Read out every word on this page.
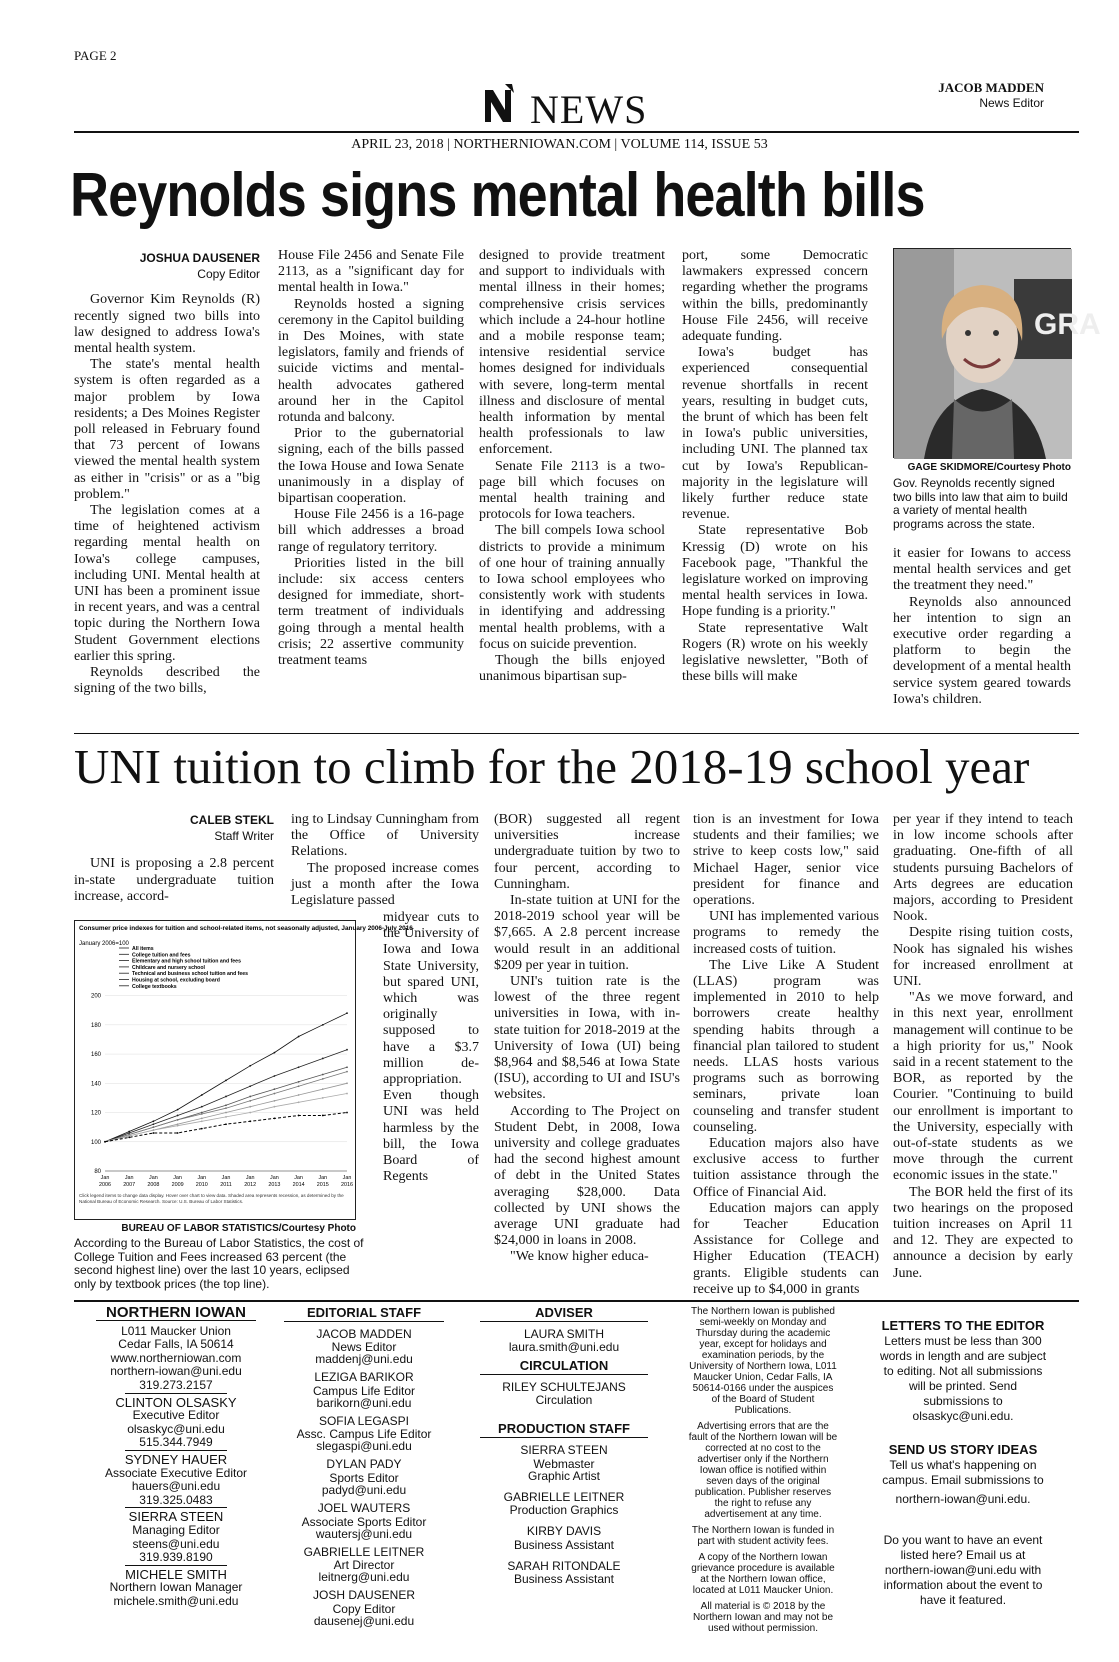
PAGE 2
NEWS	JACOB MADDEN
News Editor
APRIL 23, 2018 | NORTHERNIOWAN.COM | VOLUME 114, ISSUE 53
Reynolds signs mental health bills
JOSHUA DAUSENER
Copy Editor

Governor Kim Reynolds (R) recently signed two bills into law designed to address Iowa's mental health system.

The state's mental health system is often regarded as a major problem by Iowa residents; a Des Moines Register poll released in February found that 73 percent of Iowans viewed the mental health system as either in "crisis" or as a "big problem."

The legislation comes at a time of heightened activism regarding mental health on Iowa's college campuses, including UNI. Mental health at UNI has been a prominent issue in recent years, and was a central topic during the Northern Iowa Student Government elections earlier this spring.

Reynolds described the signing of the two bills,

House File 2456 and Senate File 2113, as a "significant day for mental health in Iowa."

Reynolds hosted a signing ceremony in the Capitol building in Des Moines, with state legislators, family and friends of suicide victims and mental-health advocates gathered around her in the Capitol rotunda and balcony.

Prior to the gubernatorial signing, each of the bills passed the Iowa House and Iowa Senate unanimously in a display of bipartisan cooperation.

House File 2456 is a 16-page bill which addresses a broad range of regulatory territory.

Priorities listed in the bill include: six access centers designed for immediate, short-term treatment of individuals going through a mental health crisis; 22 assertive community treatment teams

designed to provide treatment and support to individuals with mental illness in their homes; comprehensive crisis services which include a 24-hour hotline and a mobile response team; intensive residential service homes designed for individuals with severe, long-term mental illness and disclosure of mental health information by mental health professionals to law enforcement.

Senate File 2113 is a two-page bill which focuses on mental health training and protocols for Iowa teachers.

The bill compels Iowa school districts to provide a minimum of one hour of training annually to Iowa school employees who consistently work with students in identifying and addressing mental health problems, with a focus on suicide prevention.

Though the bills enjoyed unanimous bipartisan sup-

port, some Democratic lawmakers expressed concern regarding whether the programs within the bills, predominantly House File 2456, will receive adequate funding.

Iowa's budget has experienced consequential revenue shortfalls in recent years, resulting in budget cuts, the brunt of which has been felt in Iowa's public universities, including UNI. The planned tax cut by Iowa's Republican-majority in the legislature will likely further reduce state revenue.

State representative Bob Kressig (D) wrote on his Facebook page, "Thankful the legislature worked on improving mental health services in Iowa. Hope funding is a priority."

State representative Walt Rogers (R) wrote on his weekly legislative newsletter, "Both of these bills will make

GRA
GAGE SKIDMORE/Courtesy Photo
Gov. Reynolds recently signed two bills into law that aim to build a variety of mental health programs across the state.

it easier for Iowans to access mental health services and get the treatment they need."

Reynolds also announced her intention to sign an executive order regarding a platform to begin the development of a mental health service system geared towards Iowa's children.

UNI tuition to climb for the 2018-19 school year
CALEB STEKL
Staff Writer

UNI is proposing a 2.8 percent in-state undergraduate tuition increase, accord-

ing to Lindsay Cunningham from the Office of University Relations.

The proposed increase comes just a month after the Iowa Legislature passed

Consumer price indexes for tuition and school-related items, not seasonally adjusted, January 2006-July 2016
January 2006=100
All items
College tuition and fees
Elementary and high school tuition and fees
Childcare and nursery school
Technical and business school tuition and fees
Housing at school, excluding board
College textbooks
80
100
120
140
160
180
200
Jan
2006
Jan
2007
Jan
2008
Jan
2009
Jan
2010
Jan
2011
Jan
2012
Jan
2013
Jan
2014
Jan
2015
Jan
2016
Click legend items to change data display. Hover over chart to view data. Shaded area represents recession, as determined by the National Bureau of Economic Research. Source: U.S. Bureau of Labor Statistics.
BUREAU OF LABOR STATISTICS/Courtesy Photo
According to the Bureau of Labor Statistics, the cost of College Tuition and Fees increased 63 percent (the second highest line) over the last 10 years, eclipsed only by textbook prices (the top line).

midyear cuts to the University of Iowa and Iowa State University, but spared UNI, which was originally supposed to have a $3.7 million de-appropriation. Even though UNI was held harmless by the bill, the Iowa Board of Regents

(BOR) suggested all regent universities increase undergraduate tuition by two to four percent, according to Cunningham.

In-state tuition at UNI for the 2018-2019 school year will be $7,665. A 2.8 percent increase would result in an additional $209 per year in tuition.

UNI's tuition rate is the lowest of the three regent universities in Iowa, with in-state tuition for 2018-2019 at the University of Iowa (UI) being $8,964 and $8,546 at Iowa State (ISU), according to UI and ISU's websites.

According to The Project on Student Debt, in 2008, Iowa university and college graduates had the second highest amount of debt in the United States averaging $28,000. Data collected by UNI shows the average UNI graduate had $24,000 in loans in 2008.

"We know higher educa-

tion is an investment for Iowa students and their families; we strive to keep costs low," said Michael Hager, senior vice president for finance and operations.

UNI has implemented various programs to remedy the increased costs of tuition.

The Live Like A Student (LLAS) program was implemented in 2010 to help borrowers create healthy spending habits through a financial plan tailored to student needs. LLAS hosts various programs such as borrowing seminars, private loan counseling and transfer student counseling.

Education majors also have exclusive access to further tuition assistance through the Office of Financial Aid.

Education majors can apply for Teacher Education Assistance for College and Higher Education (TEACH) grants. Eligible students can receive up to $4,000 in grants

per year if they intend to teach in low income schools after graduating. One-fifth of all students pursuing Bachelors of Arts degrees are education majors, according to President Nook.

Despite rising tuition costs, Nook has signaled his wishes for increased enrollment at UNI.

"As we move forward, and in this next year, enrollment management will continue to be a high priority for us," Nook said in a recent statement to the BOR, as reported by the Courier. "Continuing to build our enrollment is important to the University, especially with out-of-state students as we move through the current economic issues in the state."

The BOR held the first of its two hearings on the proposed tuition increases on April 11 and 12. They are expected to announce a decision by early June.

NORTHERN IOWAN
L011 Maucker Union
Cedar Falls, IA 50614
www.northerniowan.com
northern-iowan@uni.edu
319.273.2157
CLINTON OLSASKY
Executive Editor
olsaskyc@uni.edu
515.344.7949
SYDNEY HAUER
Associate Executive Editor
hauers@uni.edu
319.325.0483
SIERRA STEEN
Managing Editor
steens@uni.edu
319.939.8190
MICHELE SMITH
Northern Iowan Manager
michele.smith@uni.edu
EDITORIAL STAFF
JACOB MADDEN
News Editor
maddenj@uni.edu
LEZIGA BARIKOR
Campus Life Editor
barikorn@uni.edu
SOFIA LEGASPI
Assc. Campus Life Editor
slegaspi@uni.edu
DYLAN PADY
Sports Editor
padyd@uni.edu
JOEL WAUTERS
Associate Sports Editor
wautersj@uni.edu
GABRIELLE LEITNER
Art Director
leitnerg@uni.edu
JOSH DAUSENER
Copy Editor
dausenej@uni.edu
ADVISER
LAURA SMITH
laura.smith@uni.edu
CIRCULATION
RILEY SCHULTEJANS
Circulation
PRODUCTION STAFF
SIERRA STEEN
Webmaster
Graphic Artist
GABRIELLE LEITNER
Production Graphics
KIRBY DAVIS
Business Assistant
SARAH RITONDALE
Business Assistant

The Northern Iowan is published semi-weekly on Monday and Thursday during the academic year, except for holidays and examination periods, by the University of Northern Iowa, L011 Maucker Union, Cedar Falls, IA 50614-0166 under the auspices of the Board of Student Publications.

Advertising errors that are the fault of the Northern Iowan will be corrected at no cost to the advertiser only if the Northern Iowan office is notified within seven days of the original publication. Publisher reserves the right to refuse any advertisement at any time.

The Northern Iowan is funded in part with student activity fees.

A copy of the Northern Iowan grievance procedure is available at the Northern Iowan office, located at L011 Maucker Union.

All material is © 2018 by the Northern Iowan and may not be used without permission.

LETTERS TO THE EDITOR
Letters must be less than 300 words in length and are subject to editing. Not all submissions will be printed. Send submissions to olsaskyc@uni.edu.
SEND US STORY IDEAS
Tell us what's happening on campus. Email submissions to
northern-iowan@uni.edu.
Do you want to have an event listed here? Email us at northern-iowan@uni.edu with information about the event to have it featured.
